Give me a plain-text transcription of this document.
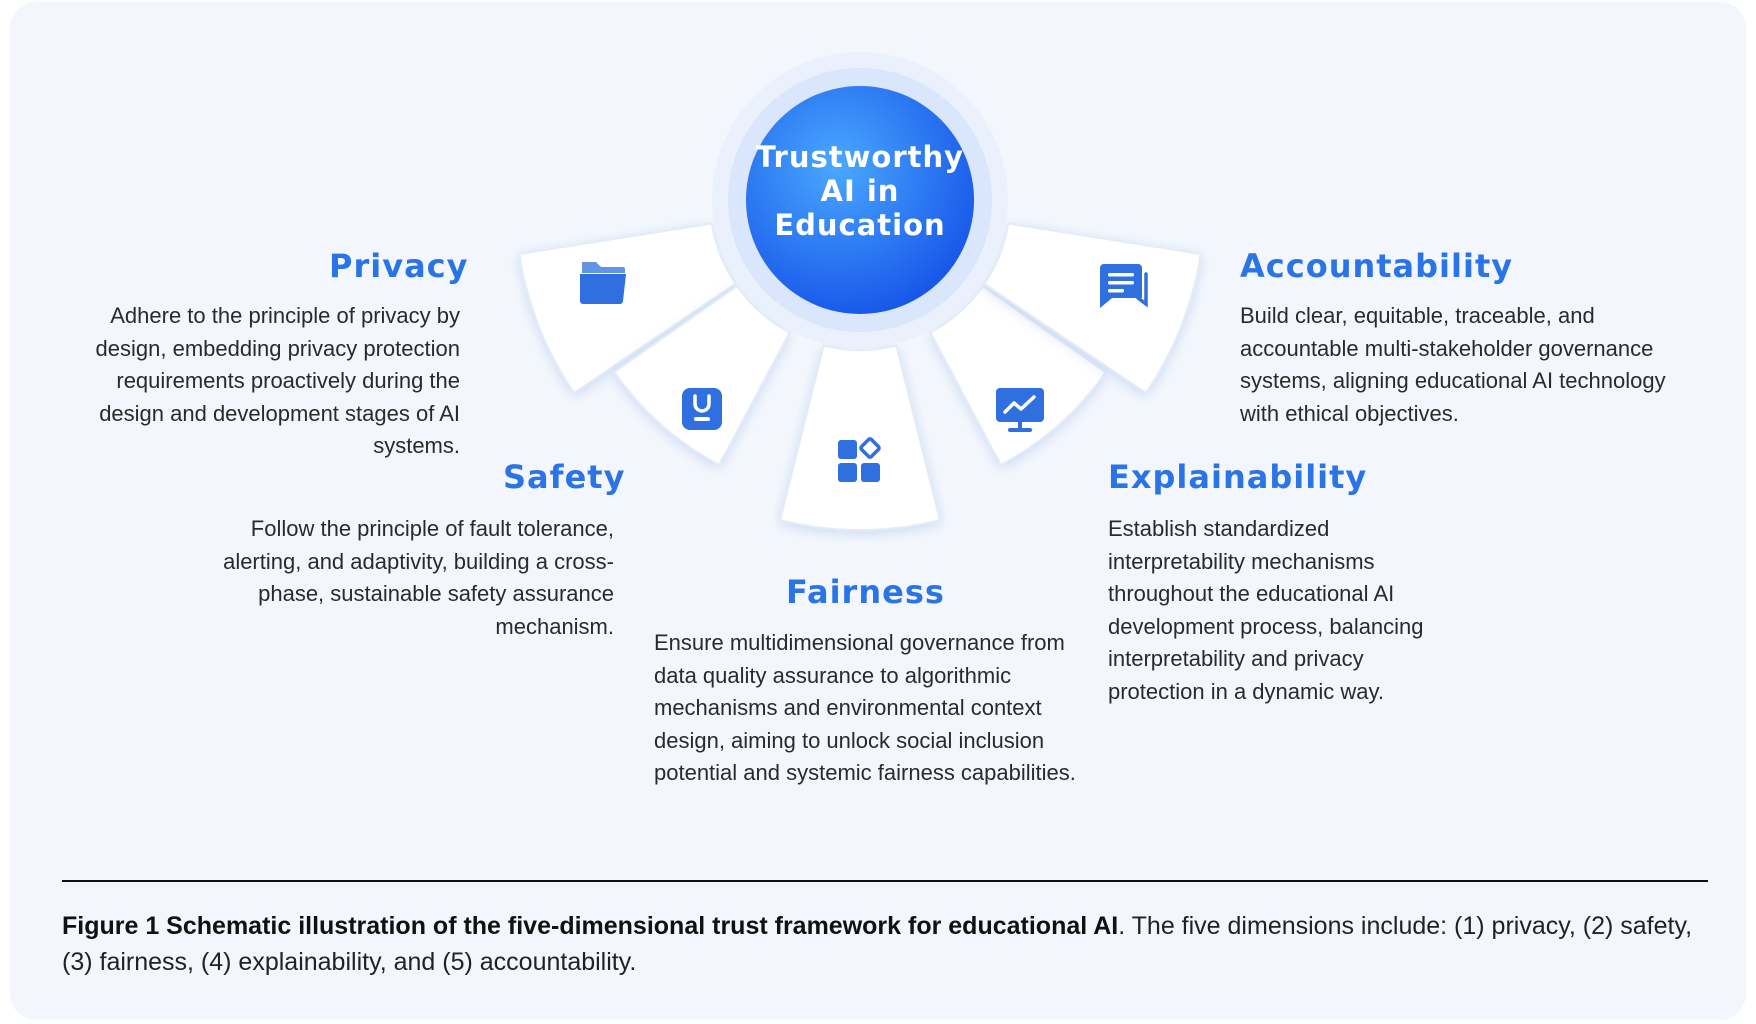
Trustworthy
AI in
Education
Privacy

Adhere to the principle of privacy by design, embedding privacy protection requirements proactively during the design and development stages of AI systems.

Safety

Follow the principle of fault tolerance, alerting, and adaptivity, building a cross-phase, sustainable safety assurance mechanism.

Fairness

Ensure multidimensional governance from data quality assurance to algorithmic mechanisms and environmental context design, aiming to unlock social inclusion potential and systemic fairness capabilities.

Explainability

Establish standardized interpretability mechanisms throughout the educational AI development process, balancing interpretability and privacy protection in a dynamic way.

Accountability

Build clear, equitable, traceable, and accountable multi-stakeholder governance systems, aligning educational AI technology with ethical objectives.

Figure 1 Schematic illustration of the five-dimensional trust framework for educational AI. The five dimensions include: (1) privacy, (2) safety, (3) fairness, (4) explainability, and (5) accountability.
